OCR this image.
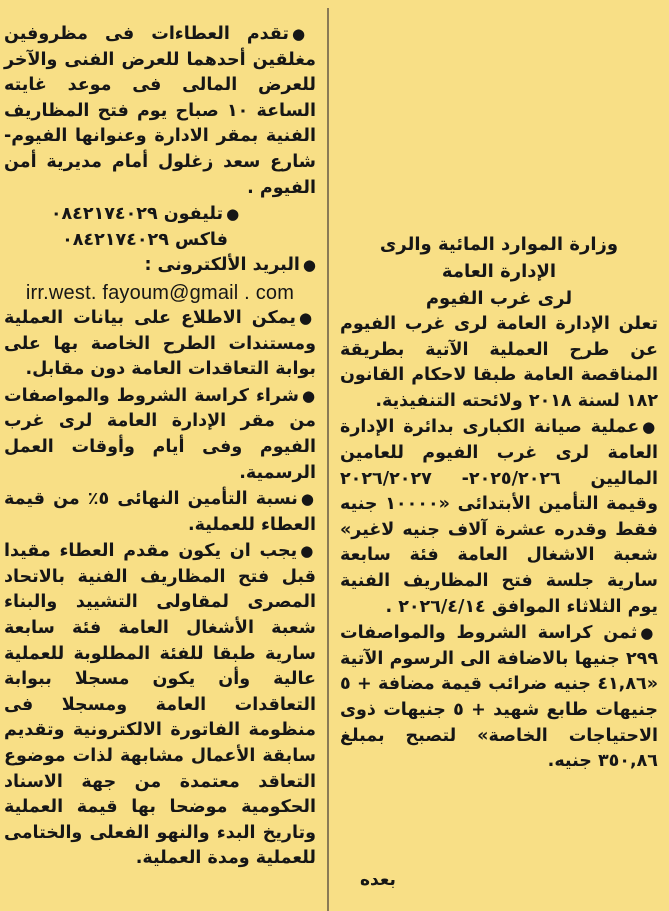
●تقدم العطاءات فى مظروفين مغلقين أحدهما للعرض الفنى والآخر للعرض المالى فى موعد غايته الساعة ١٠ صباح يوم فتح المظاريف الفنية بمقر الادارة وعنوانها الفيوم- شارع سعد زغلول أمام مديرية أمن الفيوم .

●تليفون ٠٨٤٢١٧٤٠٢٩
فاكس ٠٨٤٢١٧٤٠٢٩

●البريد الألكترونى :

irr.west. fayoum@gmail . com

●يمكن الاطلاع على بيانات العملية ومستندات الطرح الخاصة بها على بوابة التعاقدات العامة دون مقابل.

●شراء كراسة الشروط والمواصفات من مقر الإدارة العامة لرى غرب الفيوم وفى أيام وأوقات العمل الرسمية.

●نسبة التأمين النهائى ٥٪ من قيمة العطاء للعملية.

●يجب ان يكون مقدم العطاء مقيدا قبل فتح المظاريف الفنية بالاتحاد المصرى لمقاولى التشييد والبناء شعبة الأشغال العامة فئة سابعة سارية طبقا للفئة المطلوبة للعملية عالية وأن يكون مسجلا ببوابة التعاقدات العامة ومسجلا فى منظومة الفاتورة الالكترونية وتقديم سابقة الأعمال مشابهة لذات موضوع التعاقد معتمدة من جهة الاسناد الحكومية موضحا بها قيمة العملية وتاريخ البدء والنهو الفعلى والختامى للعملية ومدة العملية.

وزارة الموارد المائية والرى
الإدارة العامة
لرى غرب الفيوم

تعلن الإدارة العامة لرى غرب الفيوم عن طرح العملية الآتية بطريقة المناقصة العامة طبقا لاحكام القانون ١٨٢ لسنة ٢٠١٨ ولائحته التنفيذية.

●عملية صيانة الكبارى بدائرة الإدارة العامة لرى غرب الفيوم للعامين الماليين ٢٠٢٥/٢٠٢٦- ٢٠٢٦/٢٠٢٧ وقيمة التأمين الأبتدائى «١٠٠٠٠ جنيه فقط وقدره عشرة آلاف جنيه لاغير» شعبة الاشغال العامة فئة سابعة سارية جلسة فتح المظاريف الفنية يوم الثلاثاء الموافق ٢٠٢٦/٤/١٤ .

●ثمن كراسة الشروط والمواصفات ٢٩٩ جنيها بالاضافة الى الرسوم الآتية «٤١,٨٦ جنيه ضرائب قيمة مضافة + ٥ جنيهات طابع شهيد + ٥ جنيهات ذوى الاحتياجات الخاصة» لتصبح بمبلغ ٣٥٠,٨٦ جنيه.

بعده
